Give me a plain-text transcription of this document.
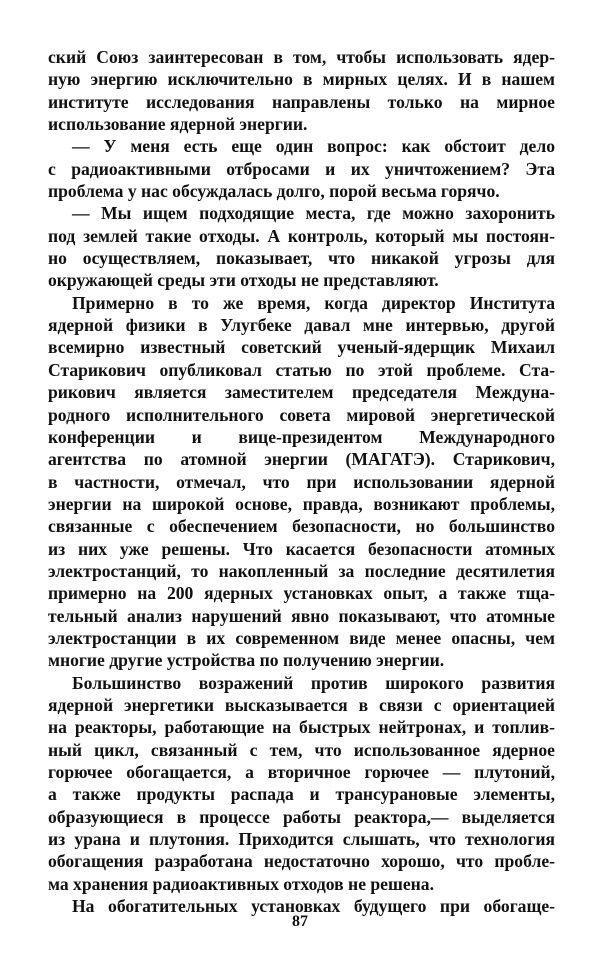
ский Союз заинтересован в том, чтобы использовать ядер-
ную энергию исключительно в мирных целях. И в нашем
институте исследования направлены только на мирное
использование ядерной энергии.
— У меня есть еще один вопрос: как обстоит дело
с радиоактивными отбросами и их уничтожением? Эта
проблема у нас обсуждалась долго, порой весьма горячо.
— Мы ищем подходящие места, где можно захоронить
под землей такие отходы. А контроль, который мы постоян-
но осуществляем, показывает, что никакой угрозы для
окружающей среды эти отходы не представляют.
Примерно в то же время, когда директор Института
ядерной физики в Улугбеке давал мне интервью, другой
всемирно известный советский ученый-ядерщик Михаил
Старикович опубликовал статью по этой проблеме. Ста-
рикович является заместителем председателя Междуна-
родного исполнительного совета мировой энергетической
конференции и вице-президентом Международного
агентства по атомной энергии (МАГАТЭ). Старикович,
в частности, отмечал, что при использовании ядерной
энергии на широкой основе, правда, возникают проблемы,
связанные с обеспечением безопасности, но большинство
из них уже решены. Что касается безопасности атомных
электростанций, то накопленный за последние десятилетия
примерно на 200 ядерных установках опыт, а также тща-
тельный анализ нарушений явно показывают, что атомные
электростанции в их современном виде менее опасны, чем
многие другие устройства по получению энергии.
Большинство возражений против широкого развития
ядерной энергетики высказывается в связи с ориентацией
на реакторы, работающие на быстрых нейтронах, и топлив-
ный цикл, связанный с тем, что использованное ядерное
горючее обогащается, а вторичное горючее — плутоний,
а также продукты распада и трансурановые элементы,
образующиеся в процессе работы реактора,— выделяется
из урана и плутония. Приходится слышать, что технология
обогащения разработана недостаточно хорошо, что пробле-
ма хранения радиоактивных отходов не решена.
На обогатительных установках будущего при обогаще-
87
